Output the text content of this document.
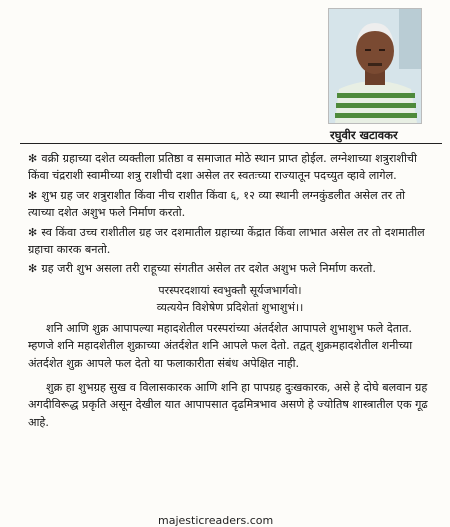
रघुवीर खटावकर

✻ वक्री ग्रहाच्या दशेत व्यक्तीला प्रतिष्ठा व समाजात मोठे स्थान प्राप्त होईल. लग्नेशाच्या शत्रुराशीची किंवा चंद्रराशी स्वामीच्या शत्रु राशीची दशा असेल तर स्वतःच्या राज्यातून पदच्युत व्हावे लागेल.

✻ शुभ ग्रह जर शत्रुराशीत किंवा नीच राशीत किंवा ६, १२ व्या स्थानी लग्नकुंडलीत असेल तर तो त्याच्या दशेत अशुभ फले निर्माण करतो.

✻ स्व किंवा उच्च राशीतील ग्रह जर दशमातील ग्रहाच्या केंद्रात किंवा लाभात असेल तर तो दशमातील ग्रहाचा कारक बनतो.

✻ ग्रह जरी शुभ असला तरी राहूच्या संगतीत असेल तर दशेत अशुभ फले निर्माण करतो.

परस्परदशायां स्वभुक्तौ सूर्यजभार्गवो।
व्यत्ययेन विशेषेण प्रदिशेतां शुभाशुभं।।

शनि आणि शुक्र आपापल्या महादशेतील परस्परांच्या अंतर्दशेत आपापले शुभाशुभ फले देतात. म्हणजे शनि महादशेतील शुक्राच्या अंतर्दशेत शनि आपले फल देतो. तद्वत् शुक्रमहादशेतील शनीच्या अंतर्दशेत शुक्र आपले फल देतो या फलाकारीता संबंध अपेक्षित नाही.

शुक्र हा शुभग्रह सुख व विलासकारक आणि शनि हा पापग्रह दुःखकारक, असे हे दोघे बलवान ग्रह अगदीविरूद्ध प्रकृति असून देखील यात आपापसात दृढमित्रभाव असणे हे ज्योतिष शास्त्रातील एक गूढ आहे.

majesticreaders.com
